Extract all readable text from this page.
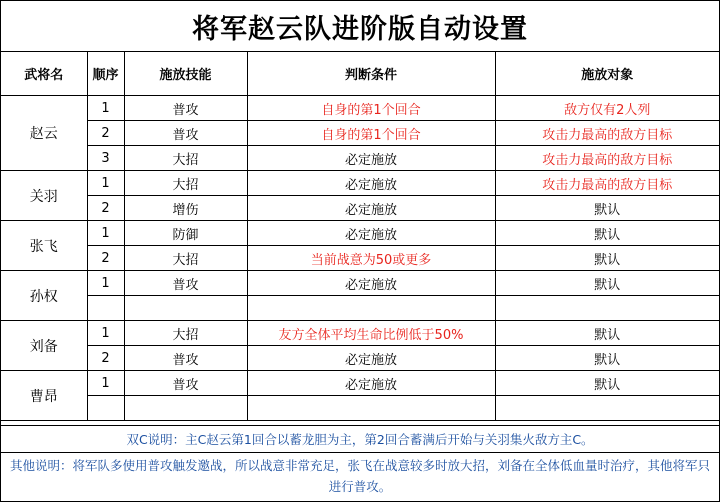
将军赵云队进阶版自动设置
武将名	顺序	施放技能	判断条件	施放对象
赵云	1	普攻	自身的第1个回合	敌方仅有2人列
	2	普攻	自身的第1个回合	攻击力最高的敌方目标
	3	大招	必定施放	攻击力最高的敌方目标
关羽	1	大招	必定施放	攻击力最高的敌方目标
	2	增伤	必定施放	默认
张飞	1	防御	必定施放	默认
	2	大招	当前战意为50或更多	默认
孙权	1	普攻	必定施放	默认

刘备	1	大招	友方全体平均生命比例低于50%	默认
	2	普攻	必定施放	默认
曹昂	1	普攻	必定施放	默认

双C说明：主C赵云第1回合以蓄龙胆为主，第2回合蓄满后开始与关羽集火敌方主C。
其他说明：将军队多使用普攻触发邀战，所以战意非常充足，张飞在战意较多时放大招，刘备在全体低血量时治疗，其他将军只进行普攻。
